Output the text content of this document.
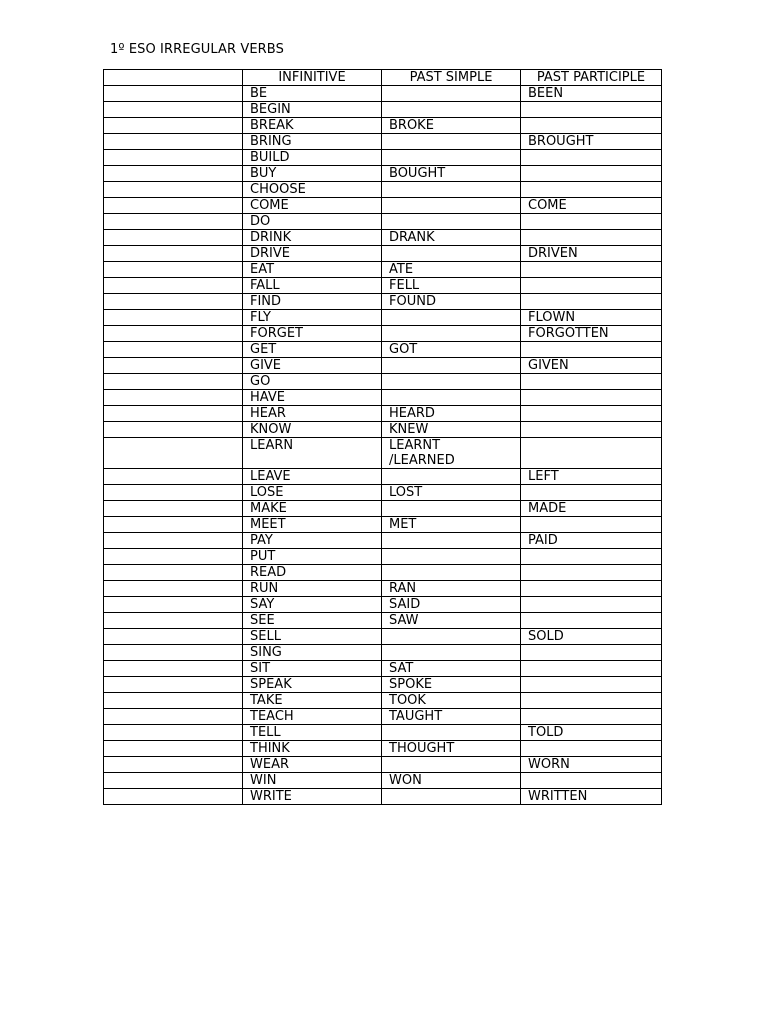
1º ESO IRREGULAR VERBS
	INFINITIVE	PAST SIMPLE	PAST PARTICIPLE
	BE		BEEN
	BEGIN		
	BREAK	BROKE	
	BRING		BROUGHT
	BUILD		
	BUY	BOUGHT	
	CHOOSE		
	COME		COME
	DO		
	DRINK	DRANK	
	DRIVE		DRIVEN
	EAT	ATE	
	FALL	FELL	
	FIND	FOUND	
	FLY		FLOWN
	FORGET		FORGOTTEN
	GET	GOT	
	GIVE		GIVEN
	GO		
	HAVE		
	HEAR	HEARD	
	KNOW	KNEW	
	LEARN	LEARNT
/LEARNED	
	LEAVE		LEFT
	LOSE	LOST	
	MAKE		MADE
	MEET	MET	
	PAY		PAID
	PUT		
	READ		
	RUN	RAN	
	SAY	SAID	
	SEE	SAW	
	SELL		SOLD
	SING		
	SIT	SAT	
	SPEAK	SPOKE	
	TAKE	TOOK	
	TEACH	TAUGHT	
	TELL		TOLD
	THINK	THOUGHT	
	WEAR		WORN
	WIN	WON	
	WRITE		WRITTEN
